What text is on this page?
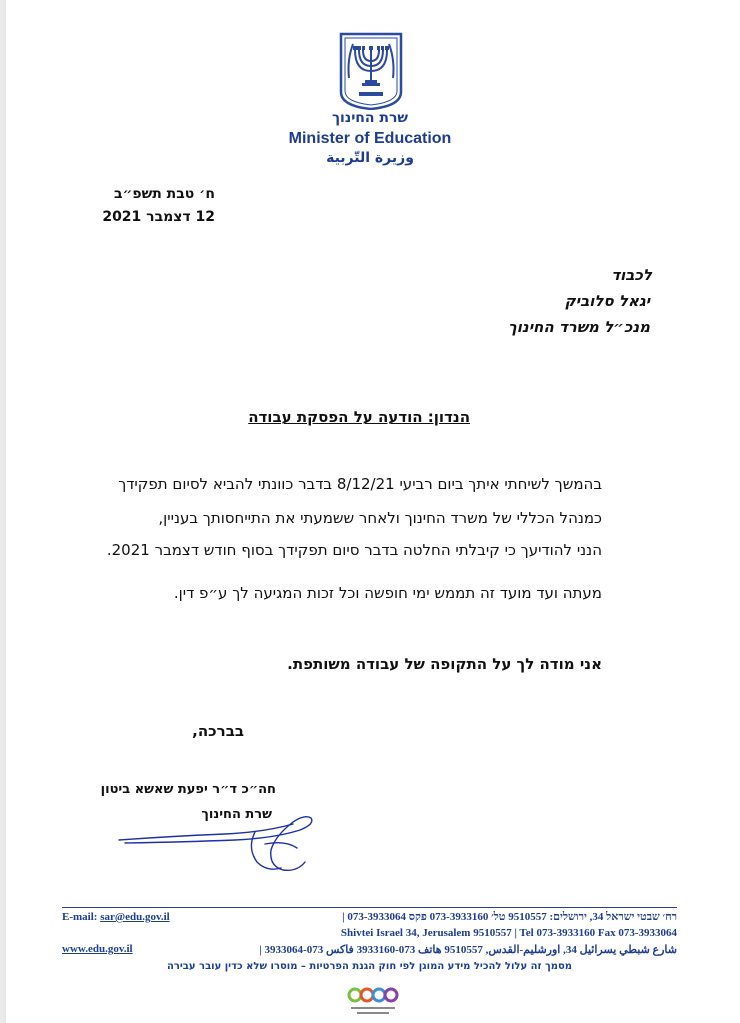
שרת החינוך
Minister of Education
وزيرة التّربية
ח׳ טבת תשפ״ב
12 דצמבר 2021
לכבוד
יגאל סלוביק
מנכ״ל משרד החינוך
הנדון: הודעה על הפסקת עבודה
בהמשך לשיחתי איתך ביום רביעי 8/12/21 בדבר כוונתי להביא לסיום תפקידך
כמנהל הכללי של משרד החינוך ולאחר ששמעתי את התייחסותך בעניין,
הנני להודיעך כי קיבלתי החלטה בדבר סיום תפקידך בסוף חודש דצמבר 2021.
מעתה ועד מועד זה תממש ימי חופשה וכל זכות המגיעה לך ע״פ דין.
אני מודה לך על התקופה של עבודה משותפת.
בברכה,
חה״כ ד״ר יפעת שאשא ביטון
שרת החינוך
רח׳ שבטי ישראל 34, ירושלים: 9510557 טל׳ 073-3933160 פקס 073-3933064 |
E-mail: sar@edu.gov.il
Shivtei Israel 34, Jerusalem 9510557 | Tel 073-3933160 Fax 073-3933064
شارع شبطي يسرائيل 34, اورشليم-القدس, 9510557 هاتف 073-3933160 فاكس 073-3933064 |
www.edu.gov.il
מסמך זה עלול להכיל מידע המוגן לפי חוק הגנת הפרטיות – מוסרו שלא כדין עובר עבירה
